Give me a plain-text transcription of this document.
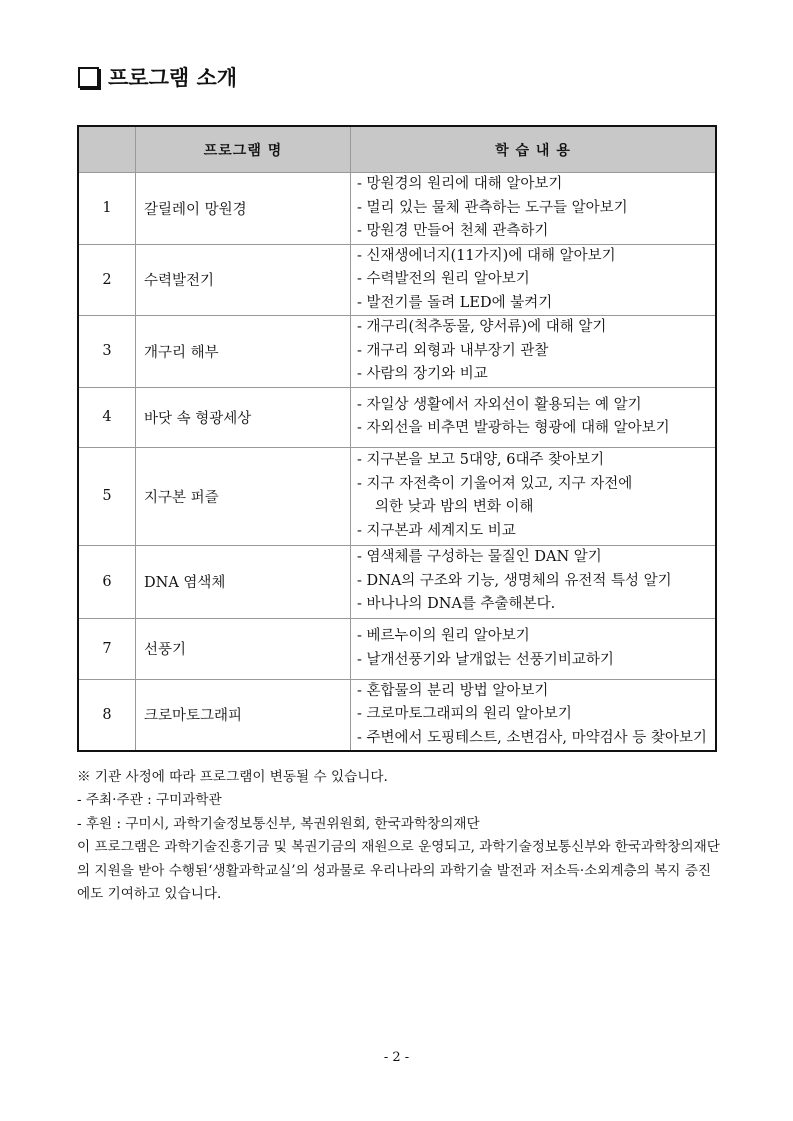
프로그램 소개
	프로그램 명	학 습 내 용
1	갈릴레이 망원경	- 망원경의 원리에 대해 알아보기
- 멀리 있는 물체 관측하는 도구들 알아보기
- 망원경 만들어 천체 관측하기

2	수력발전기	- 신재생에너지(11가지)에 대해 알아보기
- 수력발전의 원리 알아보기
- 발전기를 돌려 LED에 불켜기

3	개구리 해부	- 개구리(척추동물, 양서류)에 대해 알기
- 개구리 외형과 내부장기 관찰
- 사람의 장기와 비교

4	바닷 속 형광세상	- 자일상 생활에서 자외선이 활용되는 예 알기
- 자외선을 비추면 발광하는 형광에 대해 알아보기

5	지구본 퍼즐	- 지구본을 보고 5대양, 6대주 찾아보기
- 지구 자전축이 기울어져 있고, 지구 자전에
의한 낮과 밤의 변화 이해
- 지구본과 세계지도 비교

6	DNA 염색체	- 염색체를 구성하는 물질인 DAN 알기
- DNA의 구조와 기능, 생명체의 유전적 특성 알기
- 바나나의 DNA를 추출해본다.

7	선풍기	- 베르누이의 원리 알아보기
- 날개선풍기와 날개없는 선풍기비교하기

8	크로마토그래피	- 혼합물의 분리 방법 알아보기
- 크로마토그래피의 원리 알아보기
- 주변에서 도핑테스트, 소변검사, 마약검사 등 찾아보기

※ 기관 사정에 따라 프로그램이 변동될 수 있습니다.

- 주최·주관 : 구미과학관

- 후원 : 구미시, 과학기술정보통신부, 복권위원회, 한국과학창의재단

이 프로그램은 과학기술진흥기금 및 복권기금의 재원으로 운영되고, 과학기술정보통신부와 한국과학창의재단의 지원을 받아 수행된‘생활과학교실’의 성과물로 우리나라의 과학기술 발전과 저소득·소외계층의 복지 증진에도 기여하고 있습니다.

- 2 -
